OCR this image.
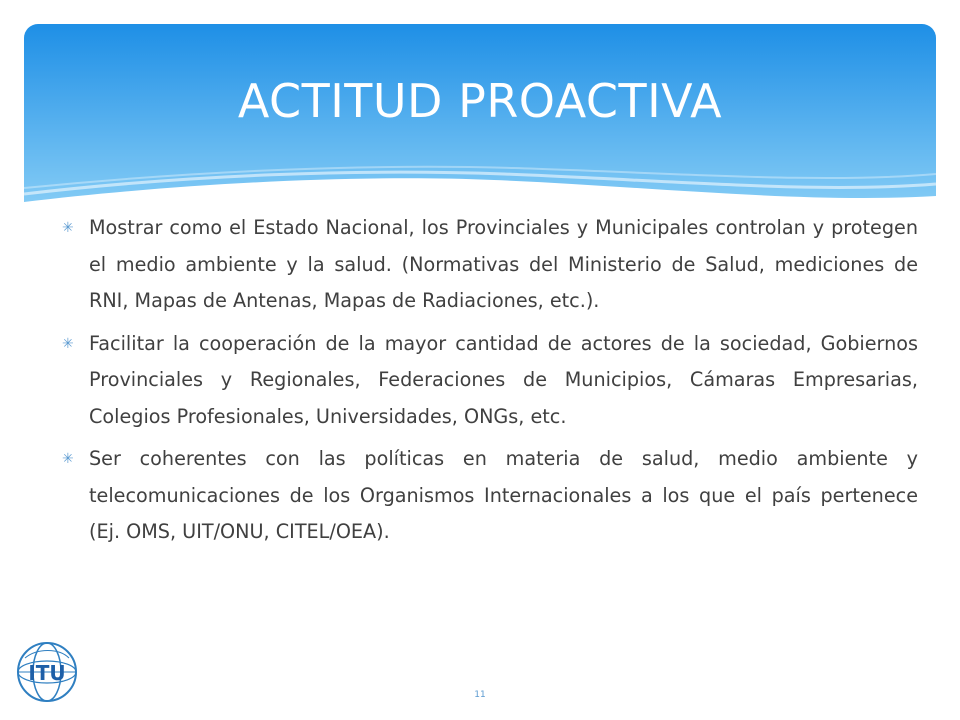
ACTITUD PROACTIVA
✳ Mostrar como el Estado Nacional, los Provinciales y Municipales controlan y protegen el medio ambiente y la salud. (Normativas del Ministerio de Salud, mediciones de RNI, Mapas de Antenas, Mapas de Radiaciones, etc.).
✳ Facilitar la cooperación de la mayor cantidad de actores de la sociedad, Gobiernos Provinciales y Regionales, Federaciones de Municipios, Cámaras Empresarias, Colegios Profesionales, Universidades, ONGs, etc.
✳ Ser coherentes con las políticas en materia de salud, medio ambiente y telecomunicaciones de los Organismos Internacionales a los que el país pertenece (Ej. OMS, UIT/ONU, CITEL/OEA).
ITU
11
